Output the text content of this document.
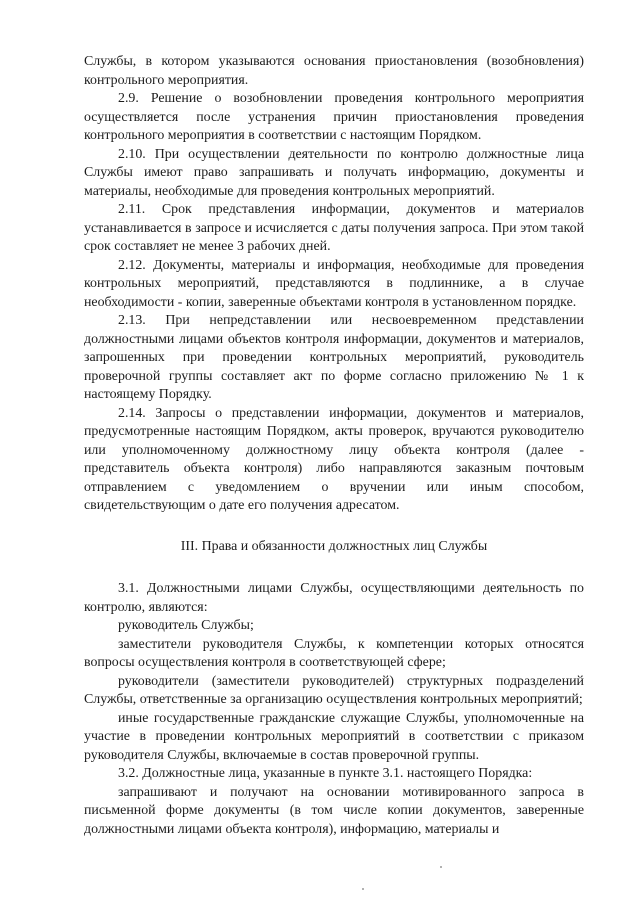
Службы, в котором указываются основания приостановления (возобновления) контрольного мероприятия.

2.9. Решение о возобновлении проведения контрольного мероприятия осуществляется после устранения причин приостановления проведения контрольного мероприятия в соответствии с настоящим Порядком.

2.10. При осуществлении деятельности по контролю должностные лица Службы имеют право запрашивать и получать информацию, документы и материалы, необходимые для проведения контрольных мероприятий.

2.11. Срок представления информации, документов и материалов устанавливается в запросе и исчисляется с даты получения запроса. При этом такой срок составляет не менее 3 рабочих дней.

2.12. Документы, материалы и информация, необходимые для проведения контрольных мероприятий, представляются в подлиннике, а в случае необходимости - копии, заверенные объектами контроля в установленном порядке.

2.13. При непредставлении или несвоевременном представлении должностными лицами объектов контроля информации, документов и материалов, запрошенных при проведении контрольных мероприятий, руководитель проверочной группы составляет акт по форме согласно приложению № 1 к настоящему Порядку.

2.14. Запросы о представлении информации, документов и материалов, предусмотренные настоящим Порядком, акты проверок, вручаются руководителю или уполномоченному должностному лицу объекта контроля (далее - представитель объекта контроля) либо направляются заказным почтовым отправлением с уведомлением о вручении или иным способом, свидетельствующим о дате его получения адресатом.

III. Права и обязанности должностных лиц Службы

3.1. Должностными лицами Службы, осуществляющими деятельность по контролю, являются:

руководитель Службы;

заместители руководителя Службы, к компетенции которых относятся вопросы осуществления контроля в соответствующей сфере;

руководители (заместители руководителей) структурных подразделений Службы, ответственные за организацию осуществления контрольных мероприятий;

иные государственные гражданские служащие Службы, уполномоченные на участие в проведении контрольных мероприятий в соответствии с приказом руководителя Службы, включаемые в состав проверочной группы.

3.2. Должностные лица, указанные в пункте 3.1. настоящего Порядка:

запрашивают и получают на основании мотивированного запроса в письменной форме документы (в том числе копии документов, заверенные должностными лицами объекта контроля), информацию, материалы и
